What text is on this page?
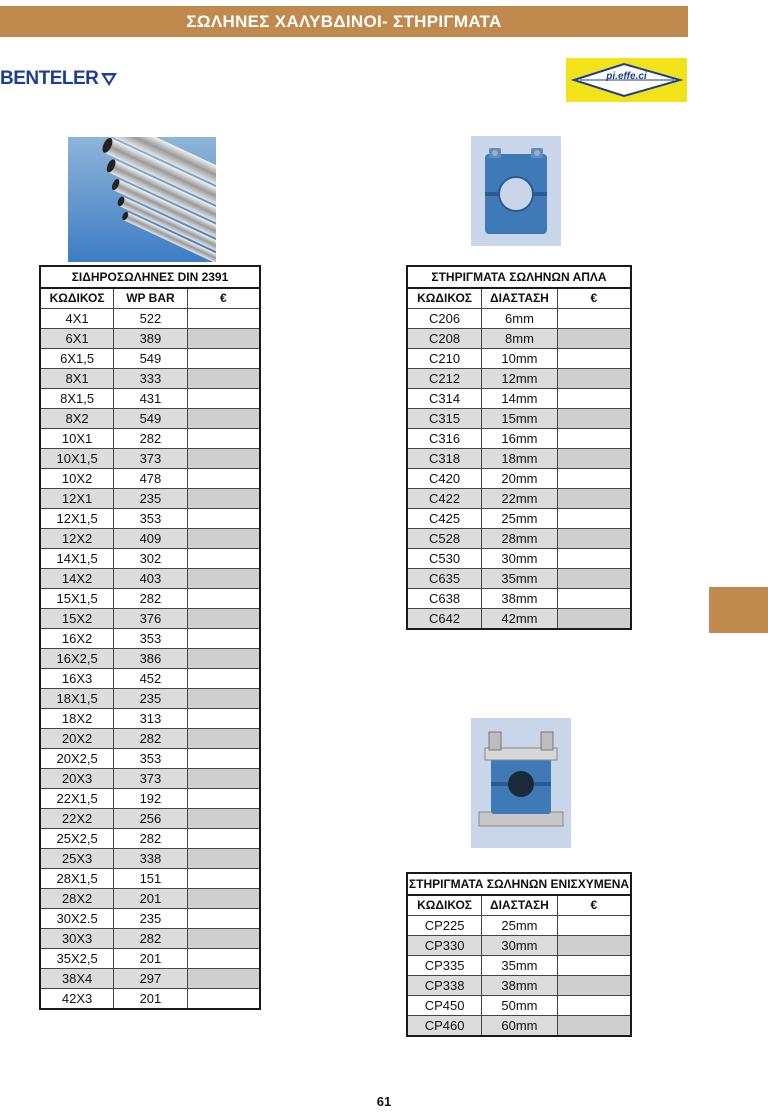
ΣΩΛΗΝΕΣ ΧΑΛΥΒΔΙΝΟΙ- ΣΤΗΡΙΓΜΑΤΑ
BENTELER	pi.effe.ci
ΣΙΔΗΡΟΣΩΛΗΝΕΣ DIN 2391		
ΚΩΔΙΚΟΣ	WP BAR	€
4X1	522	
6X1	389	
6X1,5	549	
8X1	333	
8X1,5	431	
8X2	549	
10X1	282	
10X1,5	373	
10X2	478	
12X1	235	
12X1,5	353	
12X2	409	
14X1,5	302	
14X2	403	
15X1,5	282	
15X2	376	
16X2	353	
16X2,5	386	
16X3	452	
18X1,5	235	
18X2	313	
20X2	282	
20X2,5	353	
20X3	373	
22X1,5	192	
22X2	256	
25X2,5	282	
25X3	338	
28X1,5	151	
28X2	201	
30X2.5	235	
30X3	282	
35X2,5	201	
38X4	297	
42X3	201	
ΣΤΗΡΙΓΜΑΤΑ ΣΩΛΗΝΩΝ ΑΠΛΑ		
ΚΩΔΙΚΟΣ	ΔΙΑΣΤΑΣΗ	€
C206	6mm	
C208	8mm	
C210	10mm	
C212	12mm	
C314	14mm	
C315	15mm	
C316	16mm	
C318	18mm	
C420	20mm	
C422	22mm	
C425	25mm	
C528	28mm	
C530	30mm	
C635	35mm	
C638	38mm	
C642	42mm	
ΣΤΗΡΙΓΜΑΤΑ ΣΩΛΗΝΩΝ ΕΝΙΣΧΥΜΕΝΑ		
ΚΩΔΙΚΟΣ	ΔΙΑΣΤΑΣΗ	€
CP225	25mm	
CP330	30mm	
CP335	35mm	
CP338	38mm	
CP450	50mm	
CP460	60mm	
61
